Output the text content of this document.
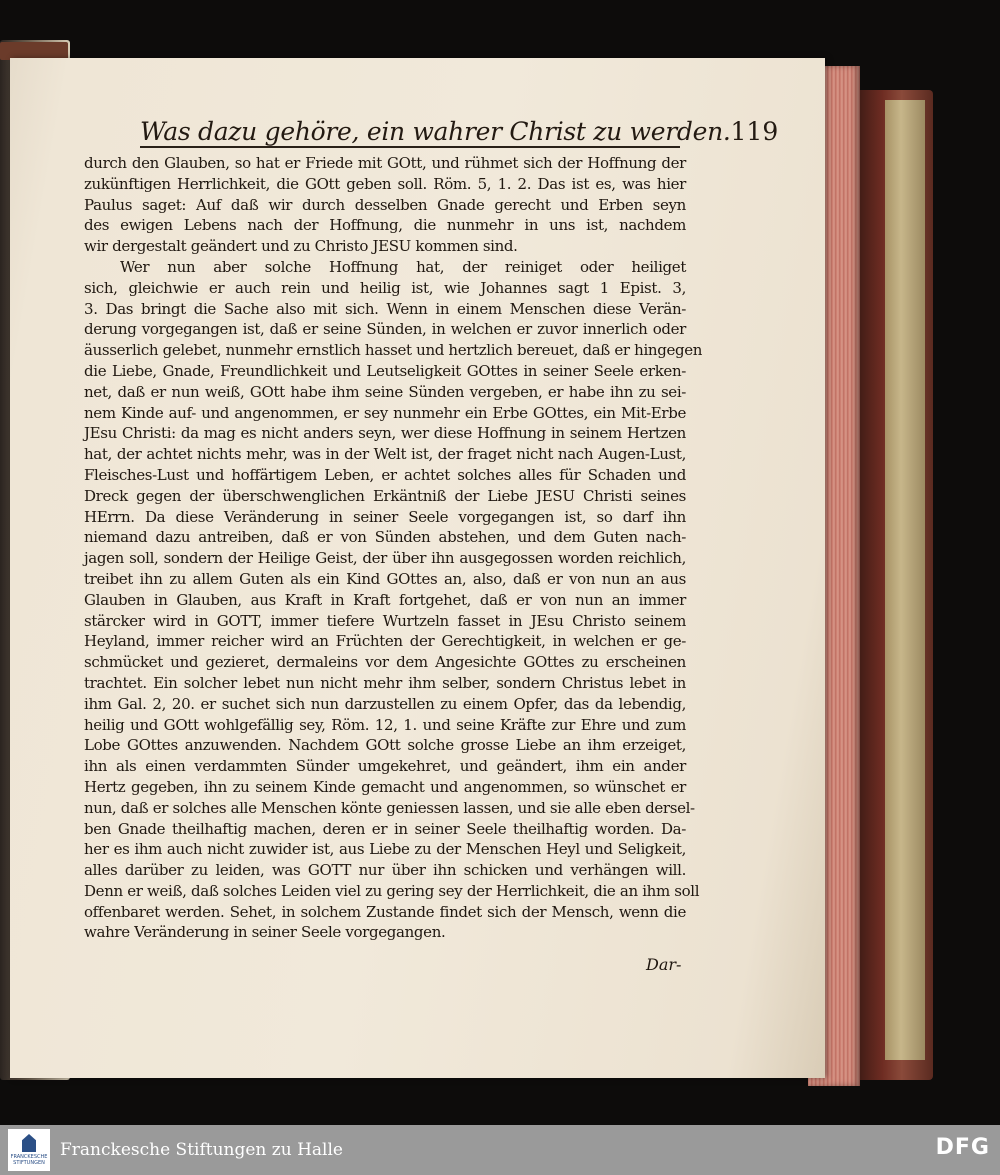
Was dazu gehöre, ein wahrer Christ zu werden. 119
durch den Glauben, so hat er Friede mit GOtt, und rühmet sich der Hoffnung der
zukünftigen Herrlichkeit, die GOtt geben soll. Röm. 5, 1. 2. Das ist es, was hier
Paulus saget: Auf daß wir durch desselben Gnade gerecht und Erben seyn
des ewigen Lebens nach der Hoffnung, die nunmehr in uns ist, nachdem
wir dergestalt geändert und zu Christo JESU kommen sind.
Wer nun aber solche Hoffnung hat, der reiniget oder heiliget
sich, gleichwie er auch rein und heilig ist, wie Johannes sagt 1 Epist. 3,
3. Das bringt die Sache also mit sich. Wenn in einem Menschen diese Verän-
derung vorgegangen ist, daß er seine Sünden, in welchen er zuvor innerlich oder
äusserlich gelebet, nunmehr ernstlich hasset und hertzlich bereuet, daß er hingegen
die Liebe, Gnade, Freundlichkeit und Leutseligkeit GOttes in seiner Seele erken-
net, daß er nun weiß, GOtt habe ihm seine Sünden vergeben, er habe ihn zu sei-
nem Kinde auf- und angenommen, er sey nunmehr ein Erbe GOttes, ein Mit-Erbe
JEsu Christi: da mag es nicht anders seyn, wer diese Hoffnung in seinem Hertzen
hat, der achtet nichts mehr, was in der Welt ist, der fraget nicht nach Augen-Lust,
Fleisches-Lust und hoffärtigem Leben, er achtet solches alles für Schaden und
Dreck gegen der überschwenglichen Erkäntniß der Liebe JESU Christi seines
HErrn. Da diese Veränderung in seiner Seele vorgegangen ist, so darf ihn
niemand dazu antreiben, daß er von Sünden abstehen, und dem Guten nach-
jagen soll, sondern der Heilige Geist, der über ihn ausgegossen worden reichlich,
treibet ihn zu allem Guten als ein Kind GOttes an, also, daß er von nun an aus
Glauben in Glauben, aus Kraft in Kraft fortgehet, daß er von nun an immer
stärcker wird in GOTT, immer tiefere Wurtzeln fasset in JEsu Christo seinem
Heyland, immer reicher wird an Früchten der Gerechtigkeit, in welchen er ge-
schmücket und gezieret, dermaleins vor dem Angesichte GOttes zu erscheinen
trachtet. Ein solcher lebet nun nicht mehr ihm selber, sondern Christus lebet in
ihm Gal. 2, 20. er suchet sich nun darzustellen zu einem Opfer, das da lebendig,
heilig und GOtt wohlgefällig sey, Röm. 12, 1. und seine Kräfte zur Ehre und zum
Lobe GOttes anzuwenden. Nachdem GOtt solche grosse Liebe an ihm erzeiget,
ihn als einen verdammten Sünder umgekehret, und geändert, ihm ein ander
Hertz gegeben, ihn zu seinem Kinde gemacht und angenommen, so wünschet er
nun, daß er solches alle Menschen könte geniessen lassen, und sie alle eben dersel-
ben Gnade theilhaftig machen, deren er in seiner Seele theilhaftig worden. Da-
her es ihm auch nicht zuwider ist, aus Liebe zu der Menschen Heyl und Seligkeit,
alles darüber zu leiden, was GOTT nur über ihn schicken und verhängen will.
Denn er weiß, daß solches Leiden viel zu gering sey der Herrlichkeit, die an ihm soll
offenbaret werden. Sehet, in solchem Zustande findet sich der Mensch, wenn die
wahre Veränderung in seiner Seele vorgegangen.
Dar-
FRANCKESCHE STIFTUNGEN
Franckesche Stiftungen zu Halle	DFG
